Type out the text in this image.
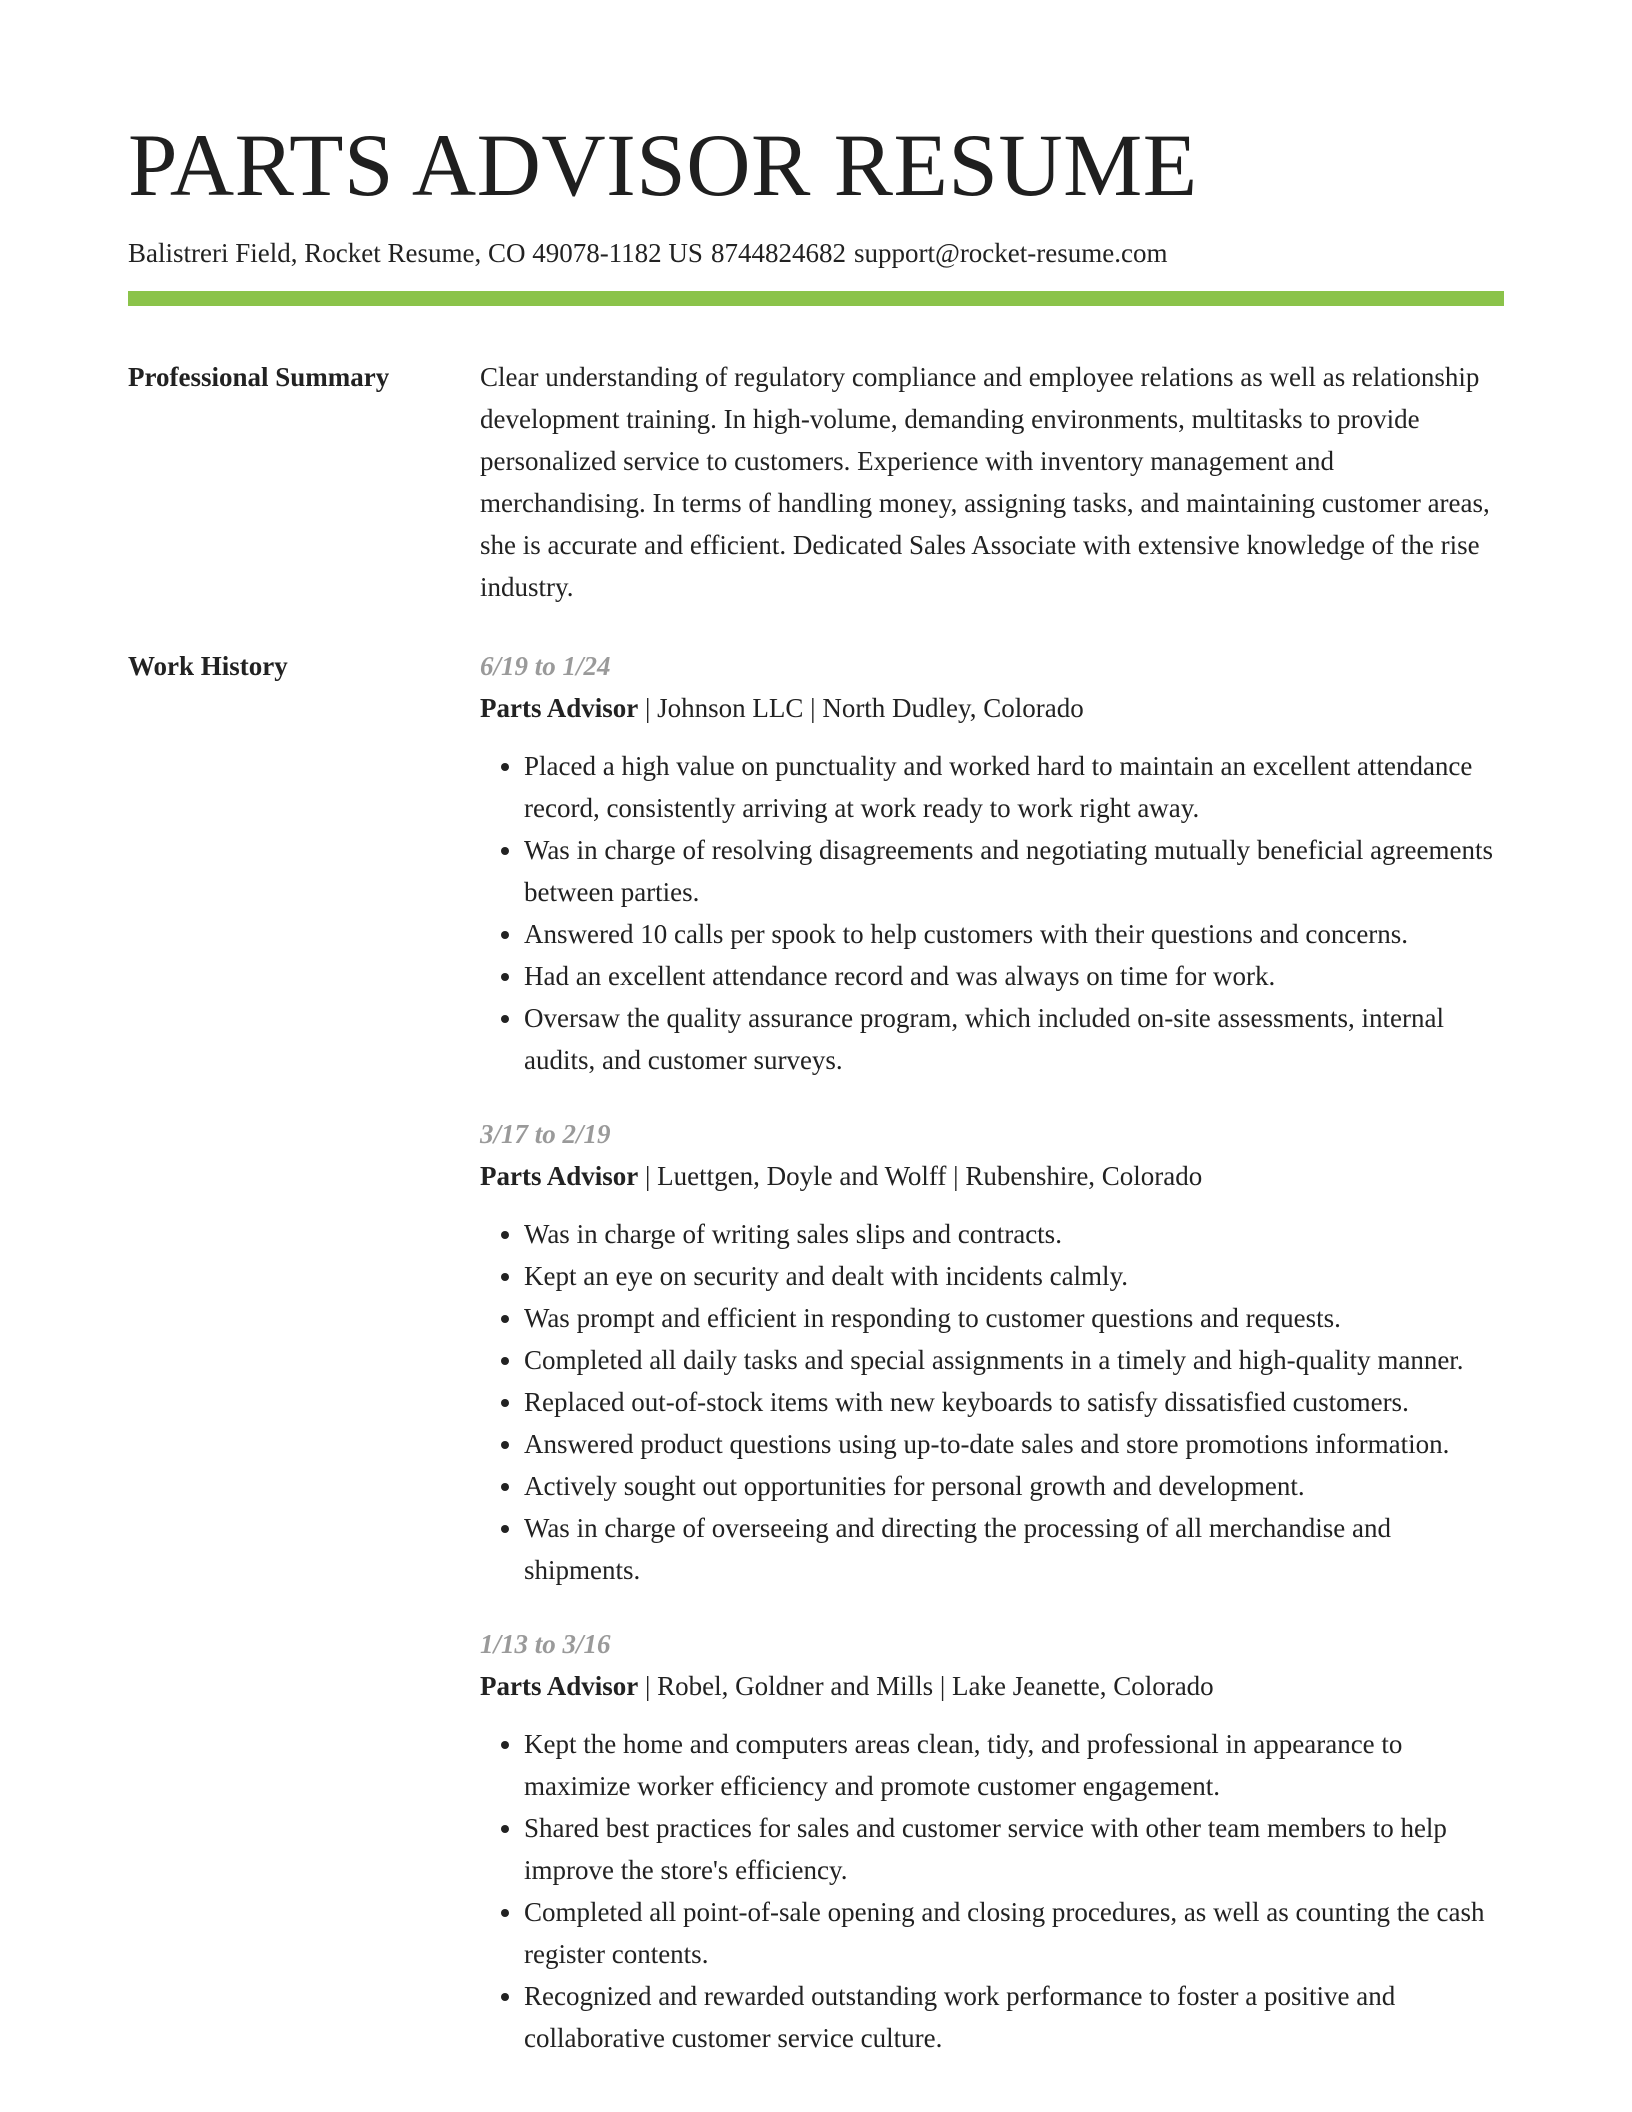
PARTS ADVISOR RESUME
Balistreri Field, Rocket Resume, CO 49078-1182 US 8744824682 support@rocket-resume.com
Professional Summary	Clear understanding of regulatory compliance and employee relations as well as relationship development training. In high-volume, demanding environments, multitasks to provide personalized service to customers. Experience with inventory management and merchandising. In terms of handling money, assigning tasks, and maintaining customer areas, she is accurate and efficient. Dedicated Sales Associate with extensive knowledge of the rise industry.
Work History	6/19 to 1/24
Parts Advisor | Johnson LLC | North Dudley, Colorado
• Placed a high value on punctuality and worked hard to maintain an excellent attendance record, consistently arriving at work ready to work right away.
• Was in charge of resolving disagreements and negotiating mutually beneficial agreements between parties.
• Answered 10 calls per spook to help customers with their questions and concerns.
• Had an excellent attendance record and was always on time for work.
• Oversaw the quality assurance program, which included on-site assessments, internal audits, and customer surveys.
3/17 to 2/19
Parts Advisor | Luettgen, Doyle and Wolff | Rubenshire, Colorado
• Was in charge of writing sales slips and contracts.
• Kept an eye on security and dealt with incidents calmly.
• Was prompt and efficient in responding to customer questions and requests.
• Completed all daily tasks and special assignments in a timely and high-quality manner.
• Replaced out-of-stock items with new keyboards to satisfy dissatisfied customers.
• Answered product questions using up-to-date sales and store promotions information.
• Actively sought out opportunities for personal growth and development.
• Was in charge of overseeing and directing the processing of all merchandise and shipments.
1/13 to 3/16
Parts Advisor | Robel, Goldner and Mills | Lake Jeanette, Colorado
• Kept the home and computers areas clean, tidy, and professional in appearance to maximize worker efficiency and promote customer engagement.
• Shared best practices for sales and customer service with other team members to help improve the store's efficiency.
• Completed all point-of-sale opening and closing procedures, as well as counting the cash register contents.
• Recognized and rewarded outstanding work performance to foster a positive and collaborative customer service culture.
